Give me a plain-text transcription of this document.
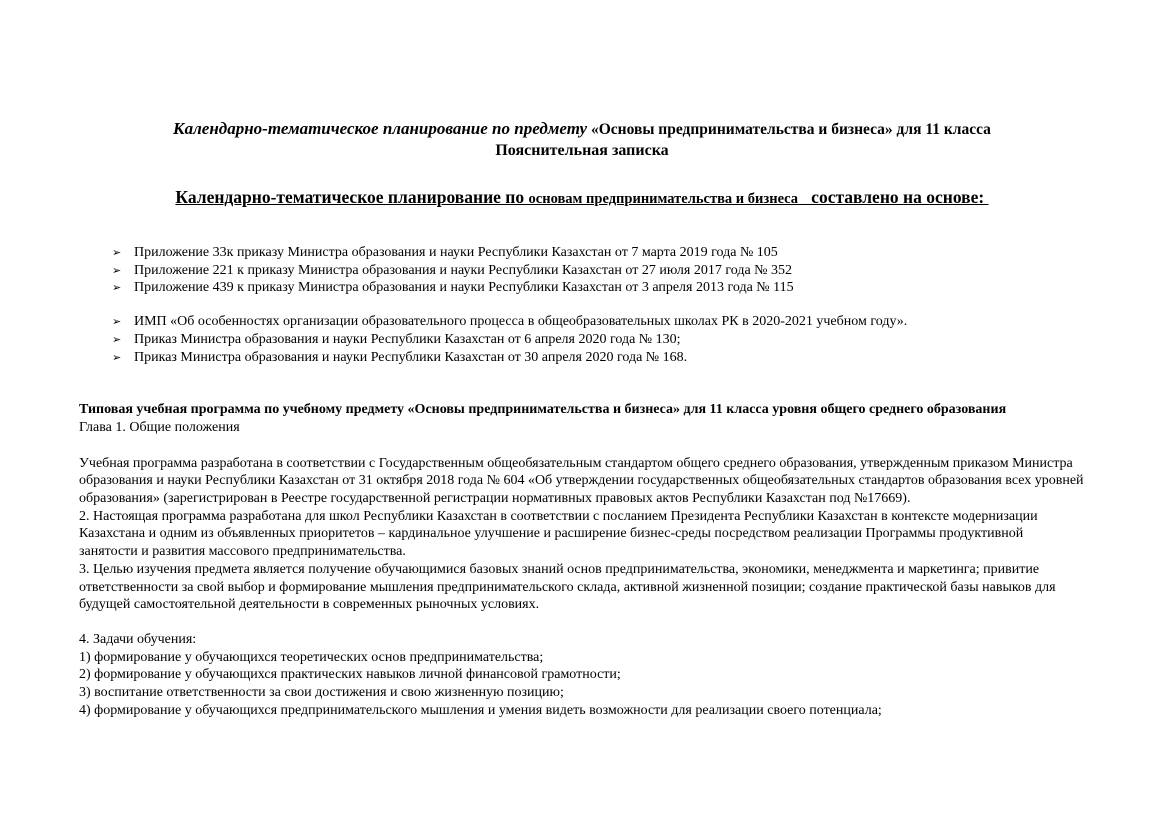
Календарно-тематическое планирование по предмету «Основы предпринимательства и бизнеса» для 11 класса
Пояснительная записка
Календарно-тематическое планирование по основам предпринимательства и бизнеса   составлено на основе:
➢ Приложение 33к приказу Министра образования и науки Республики Казахстан от 7 марта 2019 года № 105
➢ Приложение 221 к приказу Министра образования и науки Республики Казахстан от 27 июля 2017 года № 352
➢ Приложение 439 к приказу Министра образования и науки Республики Казахстан от 3 апреля 2013 года № 115
➢ ИМП «Об особенностях организации образовательного процесса в общеобразовательных школах РК в 2020-2021 учебном году».
➢ Приказ Министра образования и науки Республики Казахстан от 6 апреля 2020 года № 130;
➢ Приказ Министра образования и науки Республики Казахстан от 30 апреля 2020 года № 168.

Типовая учебная программа по учебному предмету «Основы предпринимательства и бизнеса» для 11 класса уровня общего среднего образования

Глава 1. Общие положения

Учебная программа разработана в соответствии с Государственным общеобязательным стандартом общего среднего образования, утвержденным приказом Министра образования и науки Республики Казахстан от 31 октября 2018 года № 604 «Об утверждении государственных общеобязательных стандартов образования всех уровней образования» (зарегистрирован в Реестре государственной регистрации нормативных правовых актов Республики Казахстан под №17669).

2. Настоящая программа разработана для школ Республики Казахстан в соответствии с посланием Президента Республики Казахстан в контексте модернизации Казахстана и одним из объявленных приоритетов – кардинальное улучшение и расширение бизнес-среды посредством реализации Программы продуктивной занятости и развития массового предпринимательства.

3. Целью изучения предмета является получение обучающимися базовых знаний основ предпринимательства, экономики, менеджмента и маркетинга; привитие ответственности за свой выбор и формирование мышления предпринимательского склада, активной жизненной позиции; создание практической базы навыков для будущей самостоятельной деятельности в современных рыночных условиях.

4. Задачи обучения:
1) формирование у обучающихся теоретических основ предпринимательства;
2) формирование у обучающихся практических навыков личной финансовой грамотности;
3) воспитание ответственности за свои достижения и свою жизненную позицию;
4) формирование у обучающихся предпринимательского мышления и умения видеть возможности для реализации своего потенциала;
